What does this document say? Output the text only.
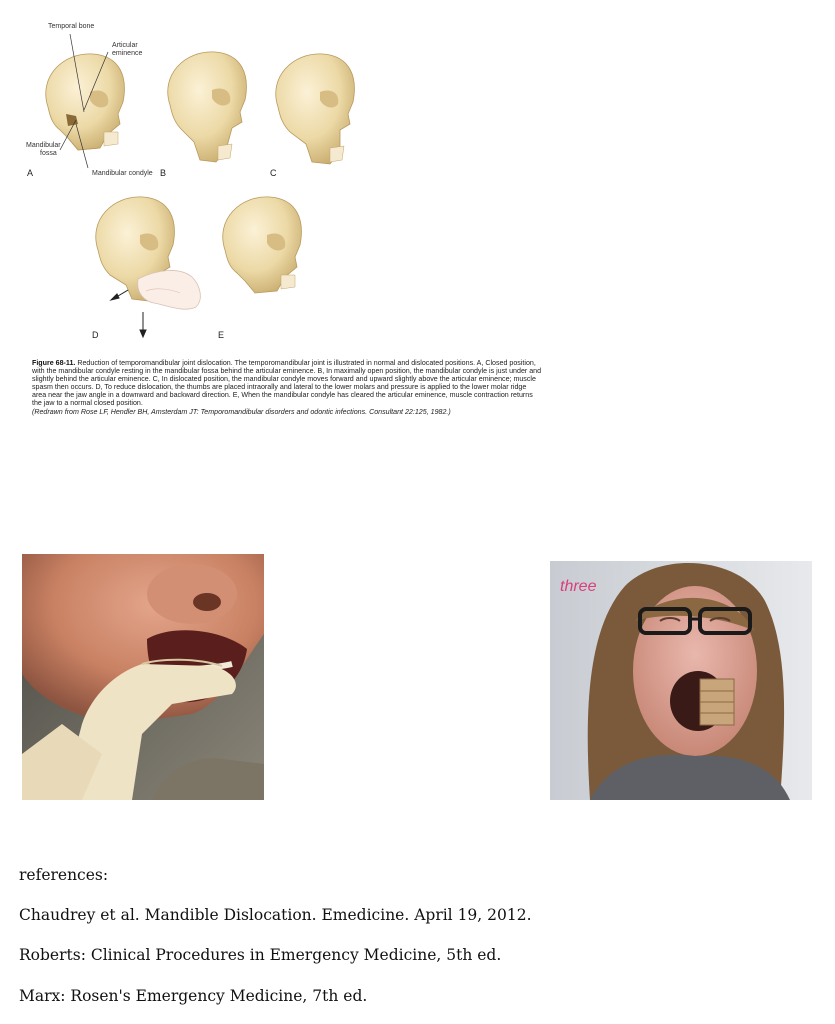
Temporal bone
Articular
eminence
Mandibular
fossa
Mandibular condyle
A	B	C
D	E
Figure 68-11. Reduction of temporomandibular joint dislocation. The temporomandibular joint is illustrated in normal and dislocated positions. A, Closed position, with the mandibular condyle resting in the mandibular fossa behind the articular eminence. B, In maximally open position, the mandibular condyle is just under and slightly behind the articular eminence. C, In dislocated position, the mandibular condyle moves forward and upward slightly above the articular eminence; muscle spasm then occurs. D, To reduce dislocation, the thumbs are placed intraorally and lateral to the lower molars and pressure is applied to the lower molar ridge area near the jaw angle in a downward and backward direction. E, When the mandibular condyle has cleared the articular eminence, muscle contraction returns the jaw to a normal closed position.
(Redrawn from Rose LF, Hendler BH, Amsterdam JT: Temporomandibular disorders and odontic infections. Consultant 22:125, 1982.)
three
references:
Chaudrey et al. Mandible Dislocation. Emedicine. April 19, 2012.
Roberts: Clinical Procedures in Emergency Medicine, 5th ed.
Marx: Rosen's Emergency Medicine, 7th ed.
